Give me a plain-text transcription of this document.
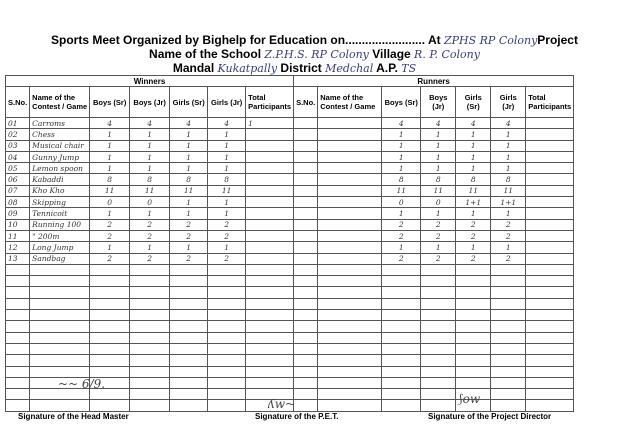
Sports Meet Organized by Bighelp for Education on........................ At ZPHS RP ColonyProject
Name of the School Z.P.H.S. RP Colony Village R. P. Colony
Mandal Kukatpally District Medchal A.P. TS
Winners							Runners						
S.No.	Name of the Contest / Game	Boys (Sr)	Boys (Jr)	Girls (Sr)	Girls (Jr)	Total Participants	S.No.	Name of the Contest / Game	Boys (Sr)	Boys (Jr)	Girls (Sr)	Girls (Jr)	Total Participants
01	Carroms	4	4	4	4	1			4	4	4	4	
02	Chess	1	1	1	1				1	1	1	1	
03	Musical chair	1	1	1	1				1	1	1	1	
04	Gunny Jump	1	1	1	1				1	1	1	1	
05	Lemon spoon	1	1	1	1				1	1	1	1	
06	Kabaddi	8	8	8	8				8	8	8	8	
07	Kho Kho	11	11	11	11				11	11	11	11	
08	Skipping	0	0	1	1				0	0	1+1	1+1	
09	Tennicoit	1	1	1	1				1	1	1	1	
10	Running 100	2	2	2	2				2	2	2	2	
11	" 200m	2	2	2	2				2	2	2	2	
12	Long Jump	1	1	1	1				1	1	1	1	
13	Sandbag	2	2	2	2				2	2	2	2	

~~ 6/9.
ʎw~	⟆ow
Signature of the Head Master	Signature of the P.E.T.	Signature of the Project Director
